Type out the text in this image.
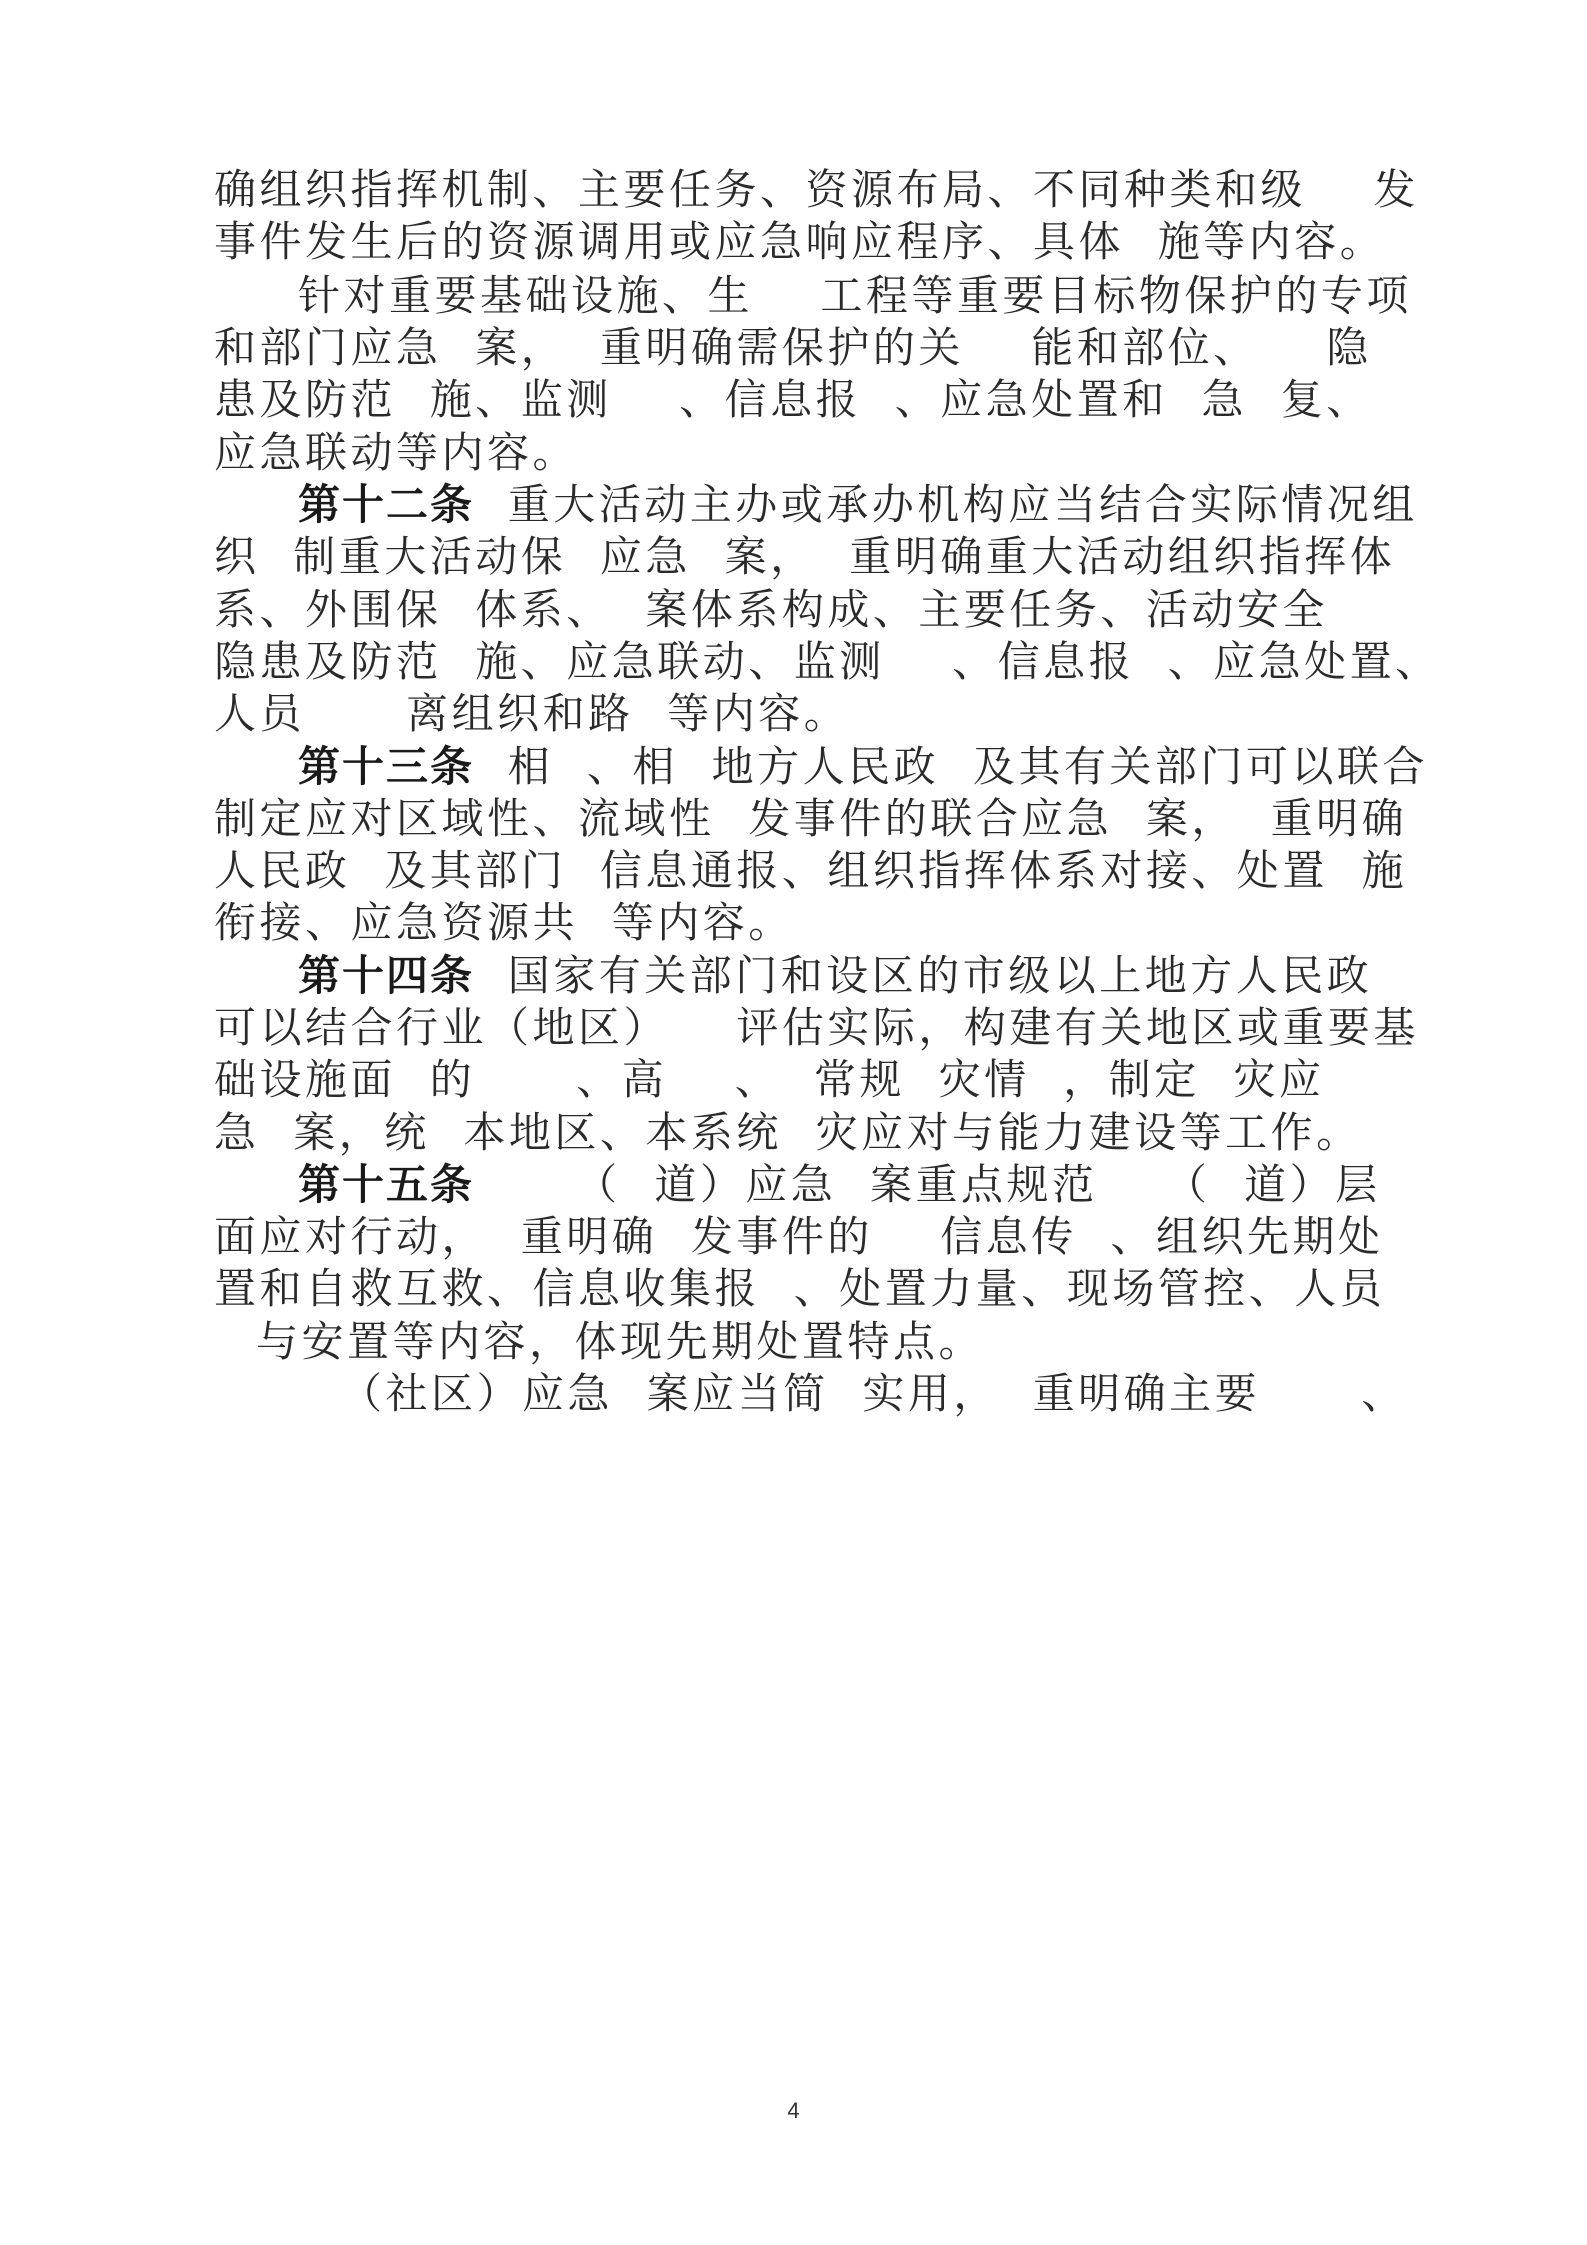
确组织指挥机制、主要任务、资源布局、不同种类和级    发
事件发生后的资源调用或应急响应程序、具体  施等内容。
针对重要基础设施、生    工程等重要目标物保护的专项
和部门应急  案，  重明确需保护的关    能和部位、    隐
患及防范  施、监测    、信息报  、应急处置和  急  复、
应急联动等内容。
第十二条  重大活动主办或承办机构应当结合实际情况组
织  制重大活动保  应急  案，  重明确重大活动组织指挥体
系、外围保  体系、  案体系构成、主要任务、活动安全
隐患及防范  施、应急联动、监测    、信息报  、应急处置、
人员      离组织和路  等内容。
第十三条  相  、相  地方人民政  及其有关部门可以联合
制定应对区域性、流域性  发事件的联合应急  案，  重明确
人民政  及其部门  信息通报、组织指挥体系对接、处置  施
衔接、应急资源共  等内容。
第十四条  国家有关部门和设区的市级以上地方人民政
可以结合行业（地区）    评估实际，构建有关地区或重要基
础设施面  的      、高    、  常规  灾情  ，制定  灾应
急  案，统  本地区、本系统  灾应对与能力建设等工作。
第十五条      （  道）应急  案重点规范    （  道）层
面应对行动，  重明确  发事件的    信息传  、组织先期处
置和自救互救、信息收集报  、处置力量、现场管控、人员
与安置等内容，体现先期处置特点。
（社区）应急  案应当简  实用，  重明确主要      、
4
